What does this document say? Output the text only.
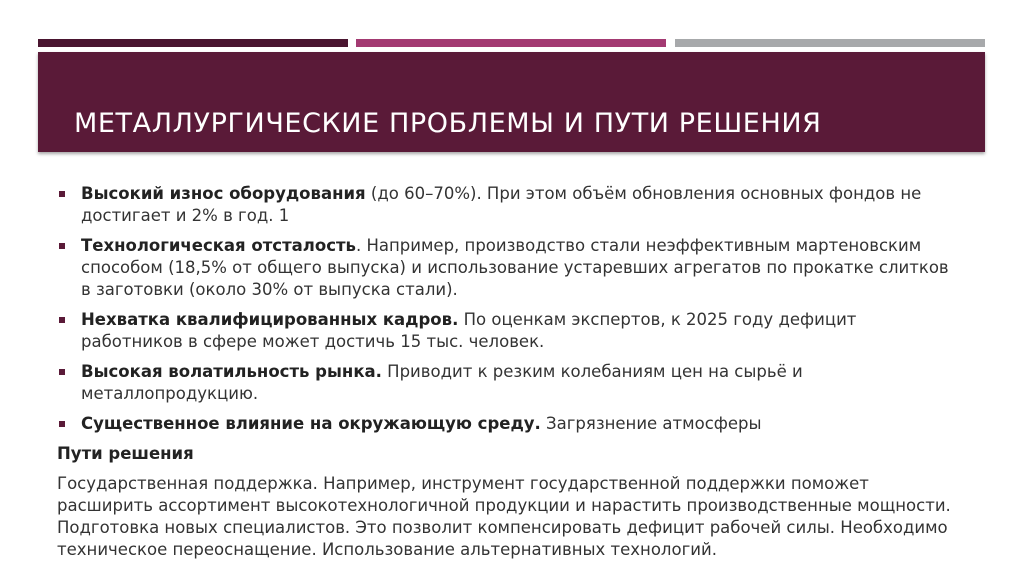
МЕТАЛЛУРГИЧЕСКИЕ ПРОБЛЕМЫ И ПУТИ РЕШЕНИЯ
Высокий износ оборудования (до 60–70%). При этом объём обновления основных фондов не достигает и 2% в год. 1
Технологическая отсталость. Например, производство стали неэффективным мартеновским способом (18,5% от общего выпуска) и использование устаревших агрегатов по прокатке слитков в заготовки (около 30% от выпуска стали).
Нехватка квалифицированных кадров. По оценкам экспертов, к 2025 году дефицит работников в сфере может достичь 15 тыс. человек.
Высокая волатильность рынка. Приводит к резким колебаниям цен на сырьё и металлопродукцию.
Существенное влияние на окружающую среду. Загрязнение атмосферы
Пути решения

Государственная поддержка. Например, инструмент государственной поддержки поможет расширить ассортимент высокотехнологичной продукции и нарастить производственные мощности. Подготовка новых специалистов. Это позволит компенсировать дефицит рабочей силы. Необходимо техническое переоснащение. Использование альтернативных технологий.
